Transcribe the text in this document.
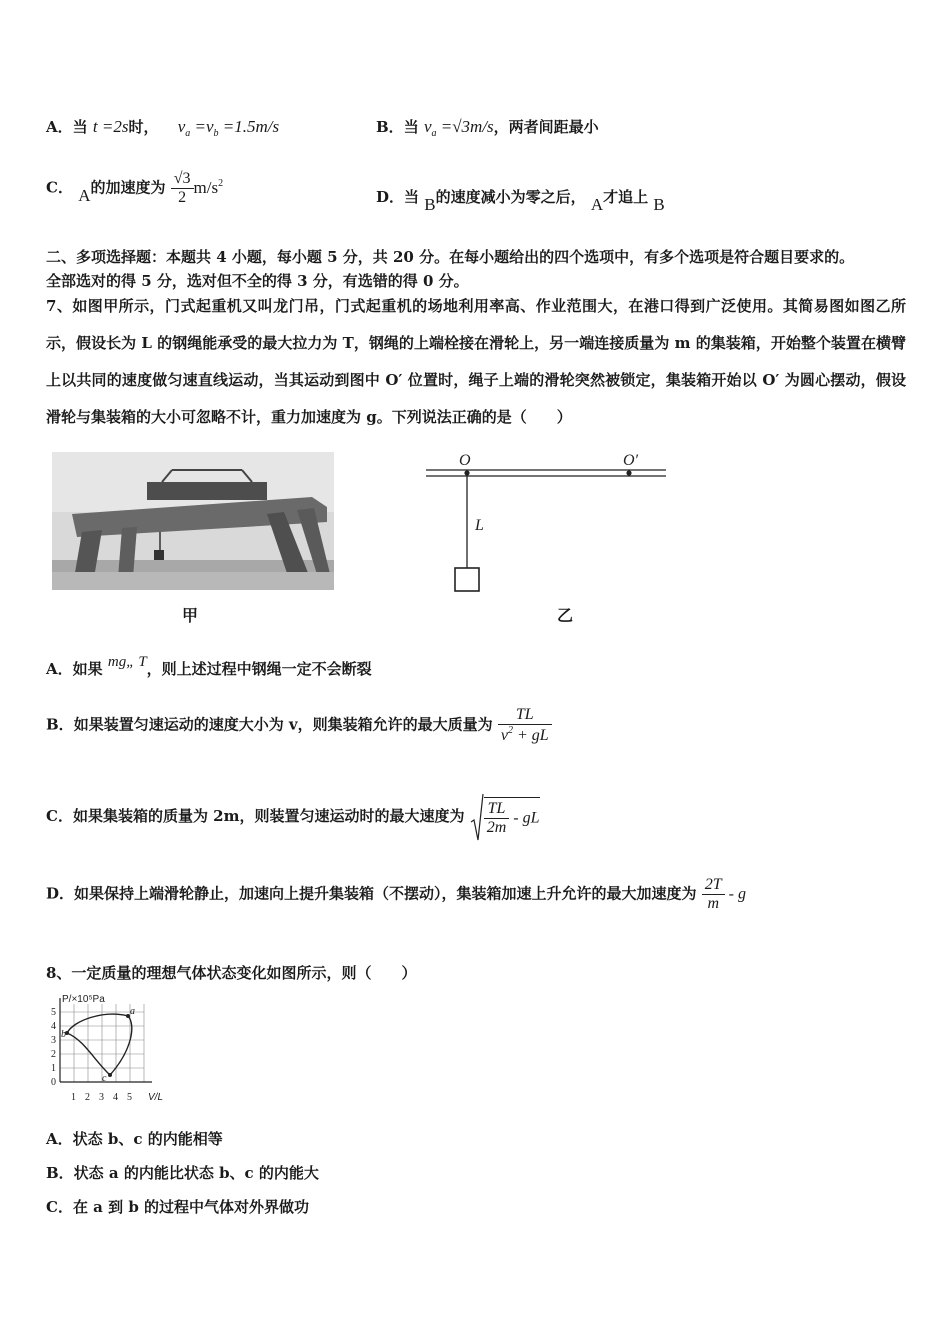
A．当 t =2s时， $v_a =v_b =1.5m/s$	B．当 $v_a =√3m/s$，两者间距最小
C． A的加速度为 $\frac{√3}{2} m/s^2$
D．当 B的速度减小为零之后， A才追上 B
二、多项选择题：本题共 4 小题，每小题 5 分，共 20 分。在每小题给出的四个选项中，有多个选项是符合题目要求的。
全部选对的得 5 分，选对但不全的得 3 分，有选错的得 0 分。
7、如图甲所示，门式起重机又叫龙门吊，门式起重机的场地利用率高、作业范围大，在港口得到广泛使用。其简易图如图乙所示，假设长为 L 的钢绳能承受的最大拉力为 T，钢绳的上端栓接在滑轮上，另一端连接质量为 m 的集装箱，开始整个装置在横臂上以共同的速度做匀速直线运动，当其运动到图中 O′ 位置时，绳子上端的滑轮突然被锁定，集装箱开始以 O′ 为圆心摆动，假设滑轮与集装箱的大小可忽略不计，重力加速度为 g。下列说法正确的是（　　）
甲
O	O′
L
乙
A．如果 mg„ T，则上述过程中钢绳一定不会断裂
B．如果装置匀速运动的速度大小为 v，则集装箱允许的最大质量为 $\frac{TL}{v^2 + gL}$
C．如果集装箱的质量为 2m，则装置匀速运动时的最大速度为 $\frac{TL}{2m}$ - gL
D．如果保持上端滑轮静止，加速向上提升集装箱（不摆动），集装箱加速上升允许的最大加速度为 $\frac{2T}{m}$ - g
8、一定质量的理想气体状态变化如图所示，则（　　）
P/×10⁵Pa
V/L
0
1
2
3
4
5
1 2 3 4 5
a
b
c
A．状态 b、c 的内能相等
B．状态 a 的内能比状态 b、c 的内能大
C．在 a 到 b 的过程中气体对外界做功
